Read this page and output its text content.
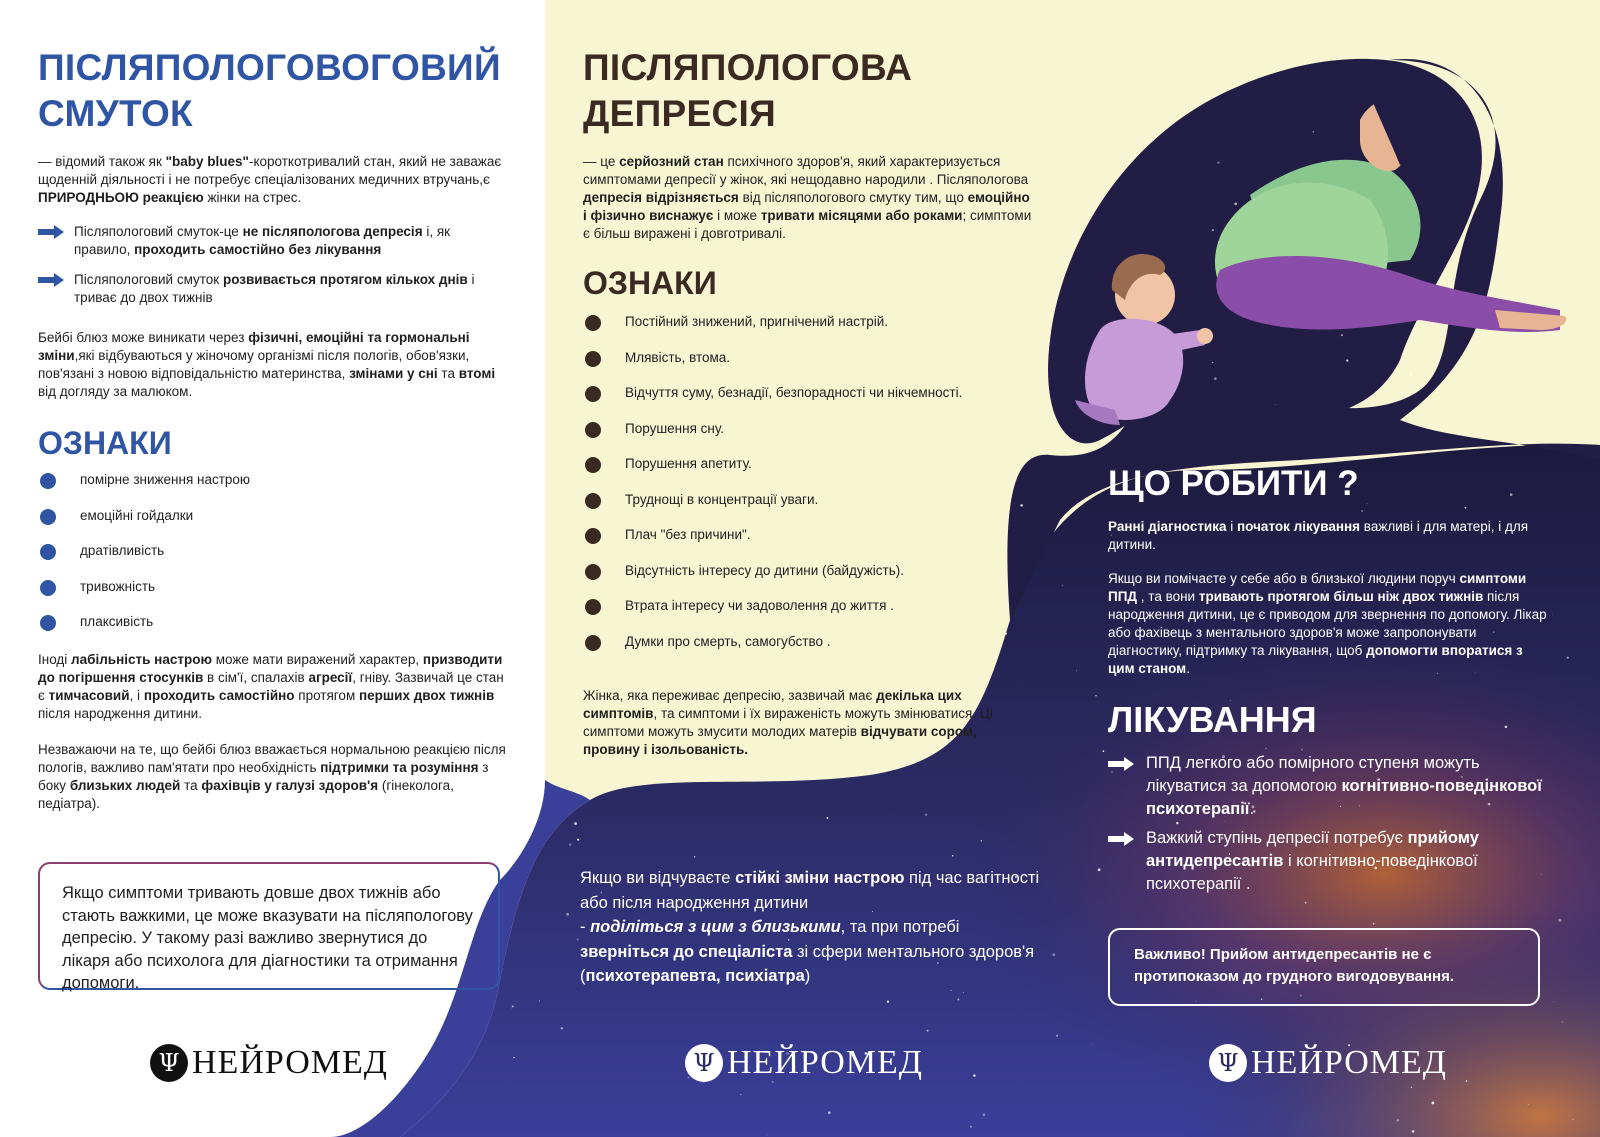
ПІСЛЯПОЛОГОВОГОВИЙ
СМУТОК

— відомий також як "baby blues"-короткотривалий стан, який не заважає щоденній діяльності і не потребує спеціалізованих медичних втручань,є ПРИРОДНЬОЮ реакцією жінки на стрес.

Післяпологовий смуток-це не післяпологова депресія і, як правило, проходить самостійно без лікування

Післяпологовий смуток розвивається протягом кількох днів і триває до двох тижнів

Бейбі блюз може виникати через фізичні, емоційні та гормональні зміни,які відбуваються у жіночому організмі після пологів, обов'язки, пов'язані з новою відповідальністю материнства, змінами у сні та втомі від догляду за малюком.

ОЗНАКИ
помірне зниження настрою
емоційні гойдалки
дратівливість
тривожність
плаксивість

Іноді лабільність настрою може мати виражений характер, призводити до погіршення стосунків в сім'ї, спалахів агресії, гніву. Зазвичай це стан є тимчасовий, і проходить самостійно протягом перших двох тижнів після народження дитини.

Незважаючи на те, що бейбі блюз вважається нормальною реакцією після пологів, важливо пам'ятати про необхідність підтримки та розуміння з боку близьких людей та фахівців у галузі здоров'я (гінеколога, педіатра).

Якщо симптоми тривають довше двох тижнів або стають важкими, це може вказувати на післяпологову депресію. У такому разі важливо звернутися до лікаря або психолога для діагностики та отримання допомоги.

ПІСЛЯПОЛОГОВА
ДЕПРЕСІЯ

— це серйозний стан психічного здоров'я, який характеризується симптомами депресії у жінок, які нещодавно народили . Післяпологова депресія відрізняється від післяпологового смутку тим, що емоційно і фізично виснажує і може тривати місяцями або роками; симптоми є більш виражені і довготривалі.

ОЗНАКИ
Постійний знижений, пригнічений настрій.
Млявість, втома.
Відчуття суму, безнадії, безпорадності чи нікчемності.
Порушення сну.
Порушення апетиту.
Труднощі в концентрації уваги.
Плач "без причини".
Відсутність інтересу до дитини (байдужість).
Втрата інтересу чи задоволення до життя .
Думки про смерть, самогубство .

Жінка, яка переживає депресію, зазвичай має декілька цих симптомів, та симптоми і їх вираженість можуть змінюватися. Ці симптоми можуть змусити молодих матерів відчувати сором, провину і ізольованість.

Якщо ви відчуваєте стійкі зміни настрою під час вагітності або після народження дитини
- поділіться з цим з близькими, та при потребі зверніться до спеціаліста зі сфери ментального здоров'я (психотерапевта, психіатра)

ЩО РОБИТИ ?

Ранні діагностика і початок лікування важливі і для матері, і для дитини.

Якщо ви помічаєте у себе або в близької людини поруч симптоми ППД , та вони тривають протягом більш ніж двох тижнів після народження дитини, це є приводом для звернення по допомогу. Лікар або фахівець з ментального здоров'я може запропонувати діагностику, підтримку та лікування, щоб допомогти впоратися з цим станом.

ЛІКУВАННЯ

ППД легкого або помірного ступеня можуть лікуватися за допомогою когнітивно-поведінкової психотерапії.

Важкий ступінь депресії потребує прийому антидепресантів і когнітивно-поведінкової психотерапії .

Важливо! Прийом антидепресантів не є протипоказом до грудного вигодовування.

Ψ НЕЙРОМЕД	Ψ НЕЙРОМЕД	Ψ НЕЙРОМЕД
